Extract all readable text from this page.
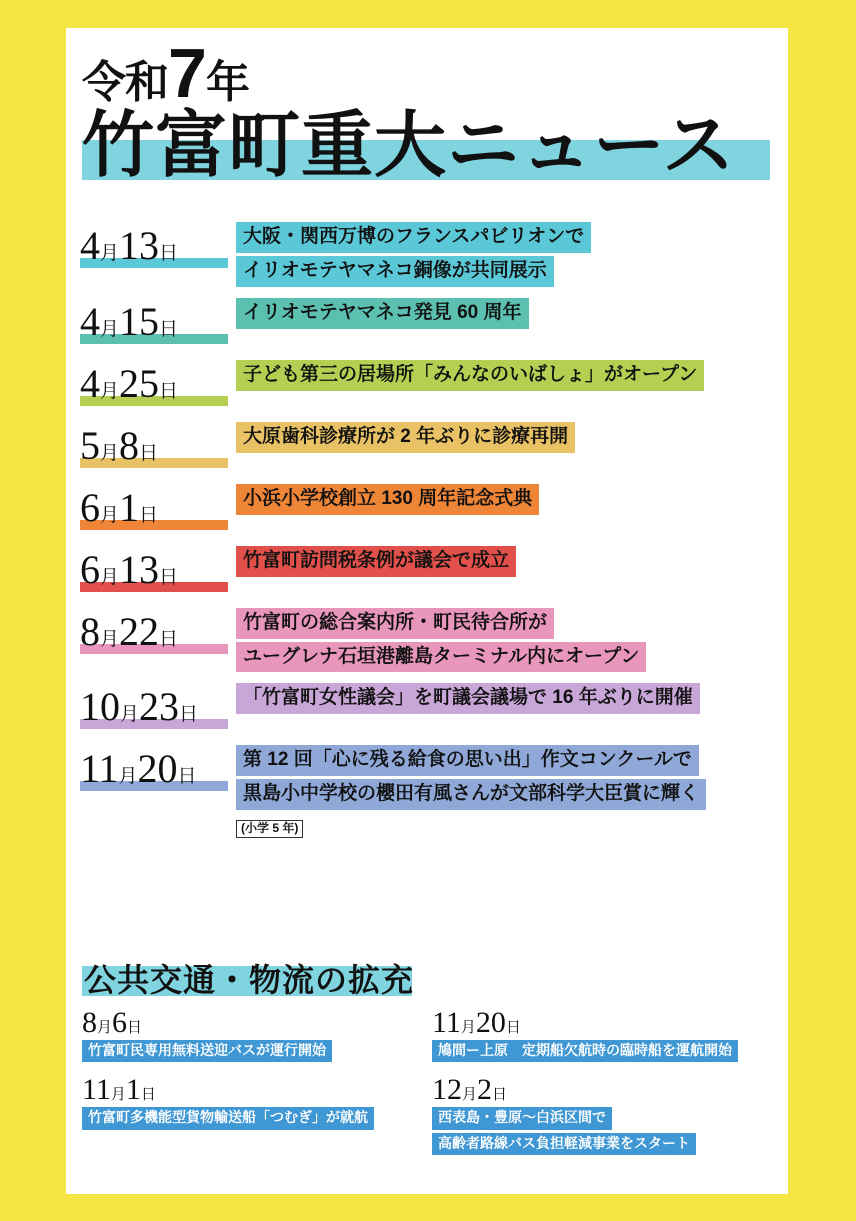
令和7年
竹富町重大ニュース
4月13日
大阪・関西万博のフランスパビリオンで
イリオモテヤマネコ銅像が共同展示
4月15日
イリオモテヤマネコ発見 60 周年
4月25日
子ども第三の居場所「みんなのいばしょ」がオープン
5月8日
大原歯科診療所が 2 年ぶりに診療再開
6月1日
小浜小学校創立 130 周年記念式典
6月13日
竹富町訪問税条例が議会で成立
8月22日
竹富町の総合案内所・町民待合所が
ユーグレナ石垣港離島ターミナル内にオープン
10月23日
「竹富町女性議会」を町議会議場で 16 年ぶりに開催
11月20日
第 12 回「心に残る給食の思い出」作文コンクールで
黒島小中学校の櫻田有風さんが文部科学大臣賞に輝く
(小学 5 年)
公共交通・物流の拡充
8月6日
竹富町民専用無料送迎バスが運行開始
11月1日
竹富町多機能型貨物輸送船「つむぎ」が就航
11月20日
鳩間ー上原　定期船欠航時の臨時船を運航開始
12月2日
西表島・豊原〜白浜区間で
高齢者路線バス負担軽減事業をスタート
